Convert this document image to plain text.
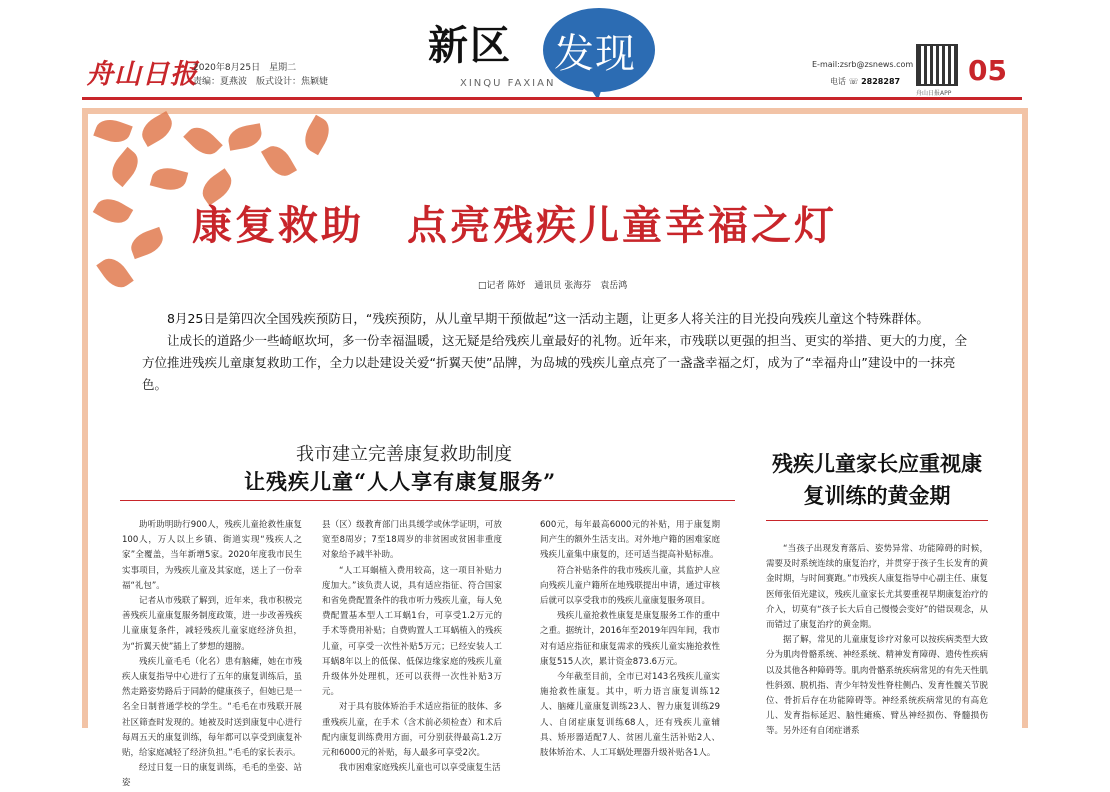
舟山日报
2020年8月25日　星期二
责编：夏燕波　版式设计：焦颖婕
新区 发现
XINQU FAXIAN
E-mail:zsrb@zsnews.com
电话 ☏ 2828287
舟山日报APP
05
康复救助　点亮残疾儿童幸福之灯
□记者 陈妤　通讯员 张海芬　袁岳鸿

8月25日是第四次全国残疾预防日，“残疾预防，从儿童早期干预做起”这一活动主题，让更多人将关注的目光投向残疾儿童这个特殊群体。

让成长的道路少一些崎岖坎坷，多一份幸福温暖，这无疑是给残疾儿童最好的礼物。近年来，市残联以更强的担当、更实的举措、更大的力度，全方位推进残疾儿童康复救助工作，全力以赴建设关爱“折翼天使”品牌，为岛城的残疾儿童点亮了一盏盏幸福之灯，成为了“幸福舟山”建设中的一抹亮色。

我市建立完善康复救助制度
让残疾儿童“人人享有康复服务”

助听助明助行900人，残疾儿童抢救性康复100人，万人以上乡镇、街道实现“残疾人之家”全覆盖，当年新增5家。2020年度我市民生实事项目，为残疾儿童及其家庭，送上了一份幸福“礼包”。

记者从市残联了解到，近年来，我市积极完善残疾儿童康复服务制度政策，进一步改善残疾儿童康复条件，减轻残疾儿童家庭经济负担，为“折翼天使”插上了梦想的翅膀。

残疾儿童毛毛（化名）患有脑瘫，她在市残疾人康复指导中心进行了五年的康复训练后，虽然走路姿势路后于同龄的健康孩子，但她已是一名全日制普通学校的学生。“毛毛在市残联开展社区筛查时发现的。她被及时送到康复中心进行每周五天的康复训练，每年都可以享受到康复补贴，给家庭减轻了经济负担。”毛毛的家长表示。

经过日复一日的康复训练，毛毛的坐姿、站姿

县（区）级教育部门出具缓学或休学证明，可放宽至8周岁；7至18周岁的非贫困或贫困非重度对象给予减半补助。

“人工耳蜗植入费用较高，这一项目补贴力度加大。”该负责人说，具有适应指征、符合国家和省免费配置条件的我市听力残疾儿童，每人免费配置基本型人工耳蜗1台，可享受1.2万元的手术等费用补贴；自费购置人工耳蜗植入的残疾儿童，可享受一次性补贴5万元；已经安装人工耳蜗8年以上的低保、低保边缘家庭的残疾儿童升级体外处理机，还可以获得一次性补贴3万元。

对于具有肢体矫治手术适应指征的肢体、多重残疾儿童，在手术（含术前必须检查）和术后配内康复训练费用方面，可分别获得最高1.2万元和6000元的补贴，每人最多可享受2次。

我市困难家庭残疾儿童也可以享受康复生活

600元，每年最高6000元的补贴，用于康复期间产生的额外生活支出。对外地户籍的困难家庭残疾儿童集中康复的，还可适当提高补贴标准。

符合补贴条件的我市残疾儿童，其监护人应向残疾儿童户籍所在地残联提出申请，通过审核后就可以享受我市的残疾儿童康复服务项目。

残疾儿童抢救性康复是康复服务工作的重中之重。据统计，2016年至2019年四年间，我市对有适应指征和康复需求的残疾儿童实施抢救性康复515人次，累计资金873.6万元。

今年截至目前，全市已对143名残疾儿童实施抢救性康复。其中，听力语言康复训练12人、脑瘫儿童康复训练23人、智力康复训练29人、自闭症康复训练68人，还有残疾儿童辅具、矫形器适配7人、贫困儿童生活补贴2人、肢体矫治术、人工耳蜗处理器升级补贴各1人。

残疾儿童家长应重视康复训练的黄金期

“当孩子出现发育落后、姿势异常、功能障碍的时候，需要及时系统连续的康复治疗，并贯穿于孩子生长发育的黄金时期，与时间赛跑。”市残疾人康复指导中心副主任、康复医师张佰光建议，残疾儿童家长尤其要重视早期康复治疗的介入，切莫有“孩子长大后自己慢慢会变好”的错误观念，从而错过了康复治疗的黄金期。

据了解，常见的儿童康复诊疗对象可以按疾病类型大致分为肌肉骨骼系统、神经系统、精神发育障碍、遗传性疾病以及其他各种障碍等。肌肉骨骼系统疾病常见的有先天性肌性斜颈、脱机指、青少年特发性脊柱侧凸、发育性髋关节脱位、骨折后存在功能障碍等。神经系统疾病常见的有高危儿、发育指标延迟、脑性瘫痪、臂丛神经损伤、脊髓损伤等。另外还有自闭症谱系
